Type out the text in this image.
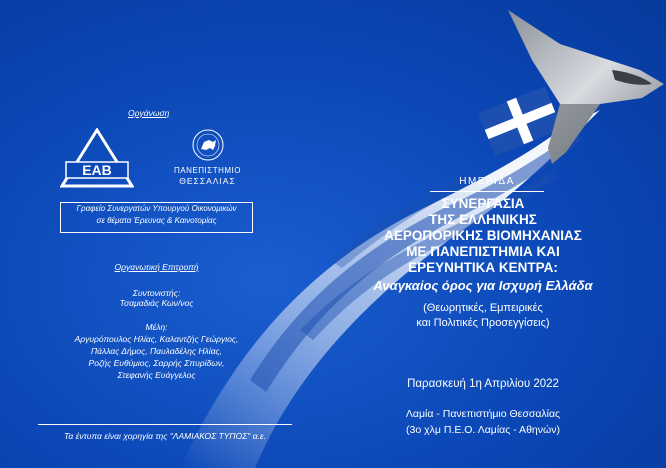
Οργάνωση
ΕΑΒ	ΠΑΝΕΠΙΣΤΗΜΙΟ
ΘΕΣΣΑΛΙΑΣ
Γραφείο Συνεργατών Υπουργού Οικονομικών
σε θέματα Έρευνας & Καινοτομίας
Οργανωτική Επιτροπή
Συντονιστής:
Τσαμαδιάς Κων/νος
Μέλη:
Αργυρόπουλος Ηλίας, Καλαντζής Γεώργιος,
Πάλλας Δήμος, Παυλαδέλης Ηλίας,
Ροζής Ευθύμιος, Σαρρής Σπυρίδων,
Στεφανής Ευάγγελος
Τα έντυπα είναι χορηγία της "ΛΑΜΙΑΚΟΣ ΤΥΠΟΣ" α.ε.
ΗΜΕΡΙΔΑ
ΣΥΝΕΡΓΑΣΙΑ
ΤΗΣ ΕΛΛΗΝΙΚΗΣ
ΑΕΡΟΠΟΡΙΚΗΣ ΒΙΟΜΗΧΑΝΙΑΣ
ΜΕ ΠΑΝΕΠΙΣΤΗΜΙΑ ΚΑΙ
ΕΡΕΥΝΗΤΙΚΑ ΚΕΝΤΡΑ:
Αναγκαίος όρος για Ισχυρή Ελλάδα
(Θεωρητικές, Εμπειρικές
και Πολιτικές Προσεγγίσεις)
Παρασκευή 1η Απριλίου 2022
Λαμία - Πανεπιστήμιο Θεσσαλίας
(3ο χλμ Π.Ε.Ο. Λαμίας - Αθηνών)
